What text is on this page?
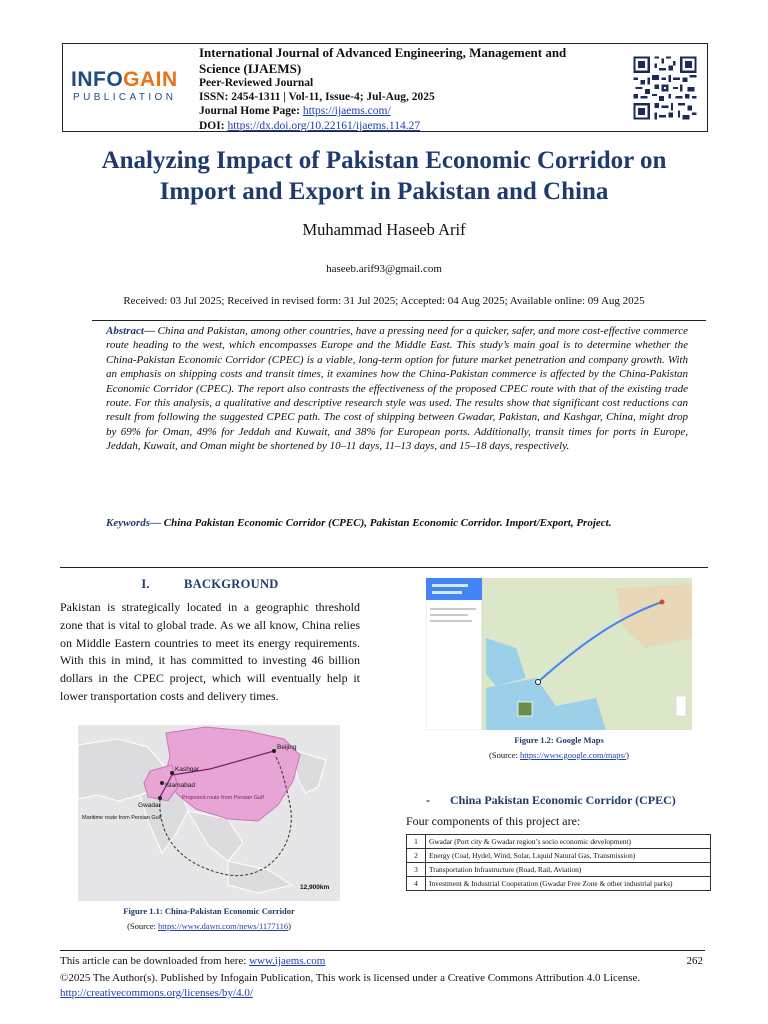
INFOGAIN
PUBLICATION
International Journal of Advanced Engineering, Management and Science (IJAEMS)
Peer-Reviewed Journal
ISSN: 2454-1311 | Vol-11, Issue-4; Jul-Aug, 2025
Journal Home Page: https://ijaems.com/
DOI: https://dx.doi.org/10.22161/ijaems.114.27
Analyzing Impact of Pakistan Economic Corridor on
Import and Export in Pakistan and China
Muhammad Haseeb Arif
haseeb.arif93@gmail.com
Received: 03 Jul 2025; Received in revised form: 31 Jul 2025; Accepted: 04 Aug 2025; Available online: 09 Aug 2025
Abstract— China and Pakistan, among other countries, have a pressing need for a quicker, safer, and more cost-effective commerce route heading to the west, which encompasses Europe and the Middle East. This study’s main goal is to determine whether the China-Pakistan Economic Corridor (CPEC) is a viable, long-term option for future market penetration and company growth. With an emphasis on shipping costs and transit times, it examines how the China-Pakistan commerce is affected by the China-Pakistan Economic Corridor (CPEC). The report also contrasts the effectiveness of the proposed CPEC route with that of the existing trade route. For this analysis, a qualitative and descriptive research style was used. The results show that significant cost reductions can result from following the suggested CPEC path. The cost of shipping between Gwadar, Pakistan, and Kashgar, China, might drop by 69% for Oman, 49% for Jeddah and Kuwait, and 38% for European ports. Additionally, transit times for ports in Europe, Jeddah, Kuwait, and Oman might be shortened by 10–11 days, 11–13 days, and 15–18 days, respectively.
Keywords— China Pakistan Economic Corridor (CPEC), Pakistan Economic Corridor. Import/Export, Project.
I.	BACKGROUND
Pakistan is strategically located in a geographic threshold zone that is vital to global trade. As we all know, China relies on Middle Eastern countries to meet its energy requirements. With this in mind, it has committed to investing 46 billion dollars in the CPEC project, which will eventually help it lower transportation costs and delivery times.
Kashgar
Beijing
Islamabad
Gwadar
Maritime route from Persian Gulf
Proposed route from Persian Gulf
12,900km
Figure 1.1: China-Pakistan Economic Corridor
(Source: https://www.dawn.com/news/1177116)
Figure 1.2: Google Maps
(Source: https://www.google.com/maps/)
- China Pakistan Economic Corridor (CPEC)
Four components of this project are:
1	Gwadar (Port city & Gwadar region’s socio economic development)
2	Energy (Coal, Hydel, Wind, Solar, Liquid Natural Gas, Transmission)
3	Transportation Infrastructure (Road, Rail, Aviation)
4	Investment & Industrial Cooperation (Gwadar Free Zone & other industrial parks)
This article can be downloaded from here: www.ijaems.com	262
©2025 The Author(s). Published by Infogain Publication, This work is licensed under a Creative Commons Attribution 4.0 License. http://creativecommons.org/licenses/by/4.0/
